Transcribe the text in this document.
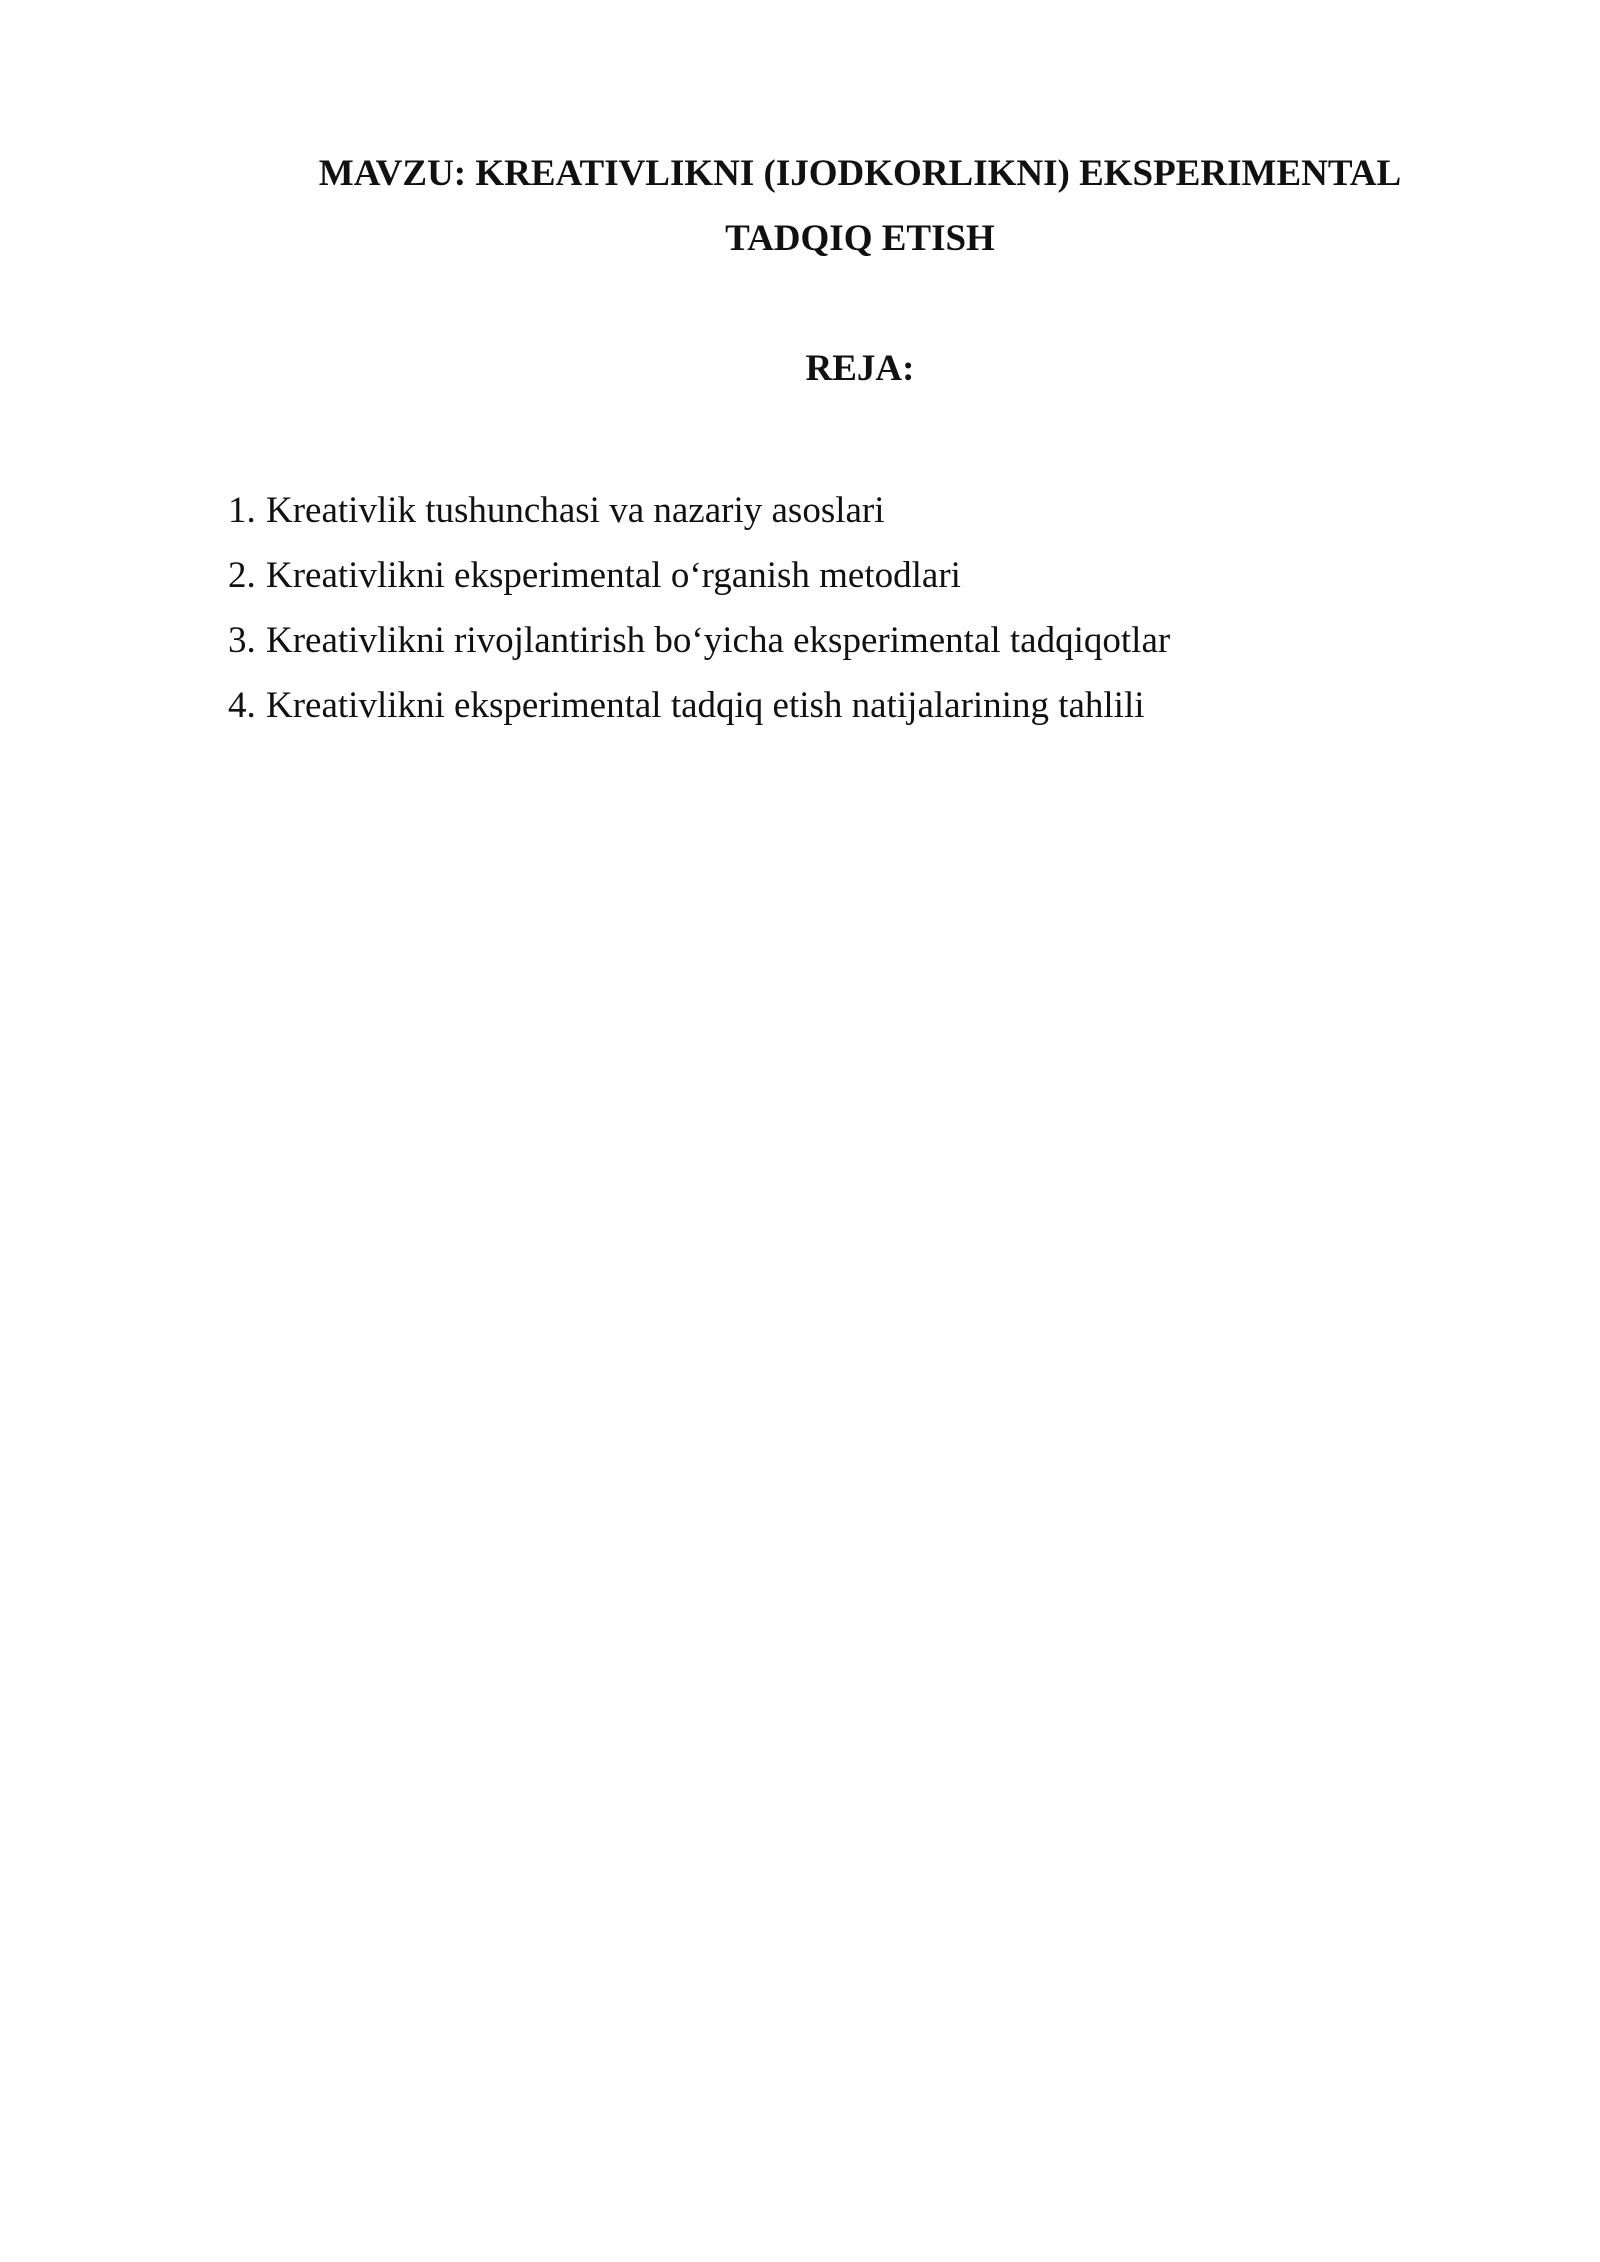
MAVZU: KREATIVLIKNI (IJODKORLIKNI) EKSPERIMENTAL
TADQIQ ETISH
REJA:
1. Kreativlik tushunchasi va nazariy asoslari
2. Kreativlikni eksperimental o‘rganish metodlari
3. Kreativlikni rivojlantirish bo‘yicha eksperimental tadqiqotlar
4. Kreativlikni eksperimental tadqiq etish natijalarining tahlili
